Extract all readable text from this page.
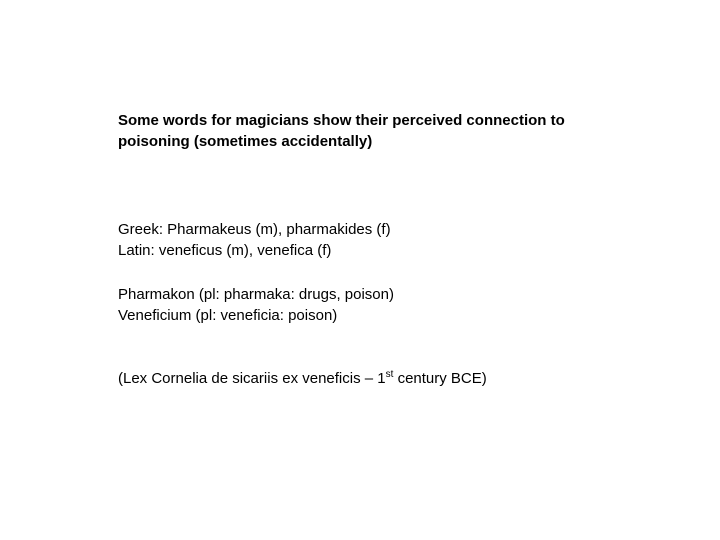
Some words for magicians show their perceived connection to
poisoning (sometimes accidentally)
Greek: Pharmakeus (m), pharmakides (f)
Latin: veneficus (m), venefica (f)
Pharmakon (pl: pharmaka: drugs, poison)
Veneficium (pl: veneficia: poison)
(Lex Cornelia de sicariis ex veneficis – 1st century BCE)
